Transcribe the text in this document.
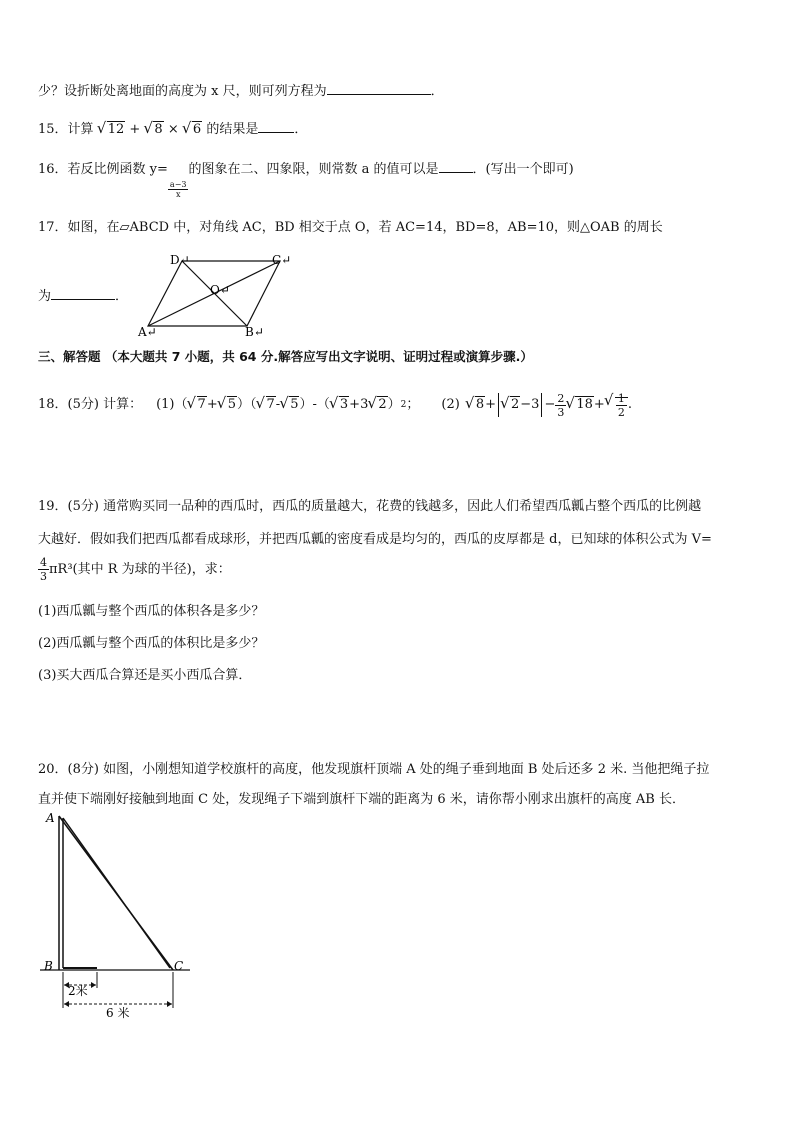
少？设折断处离地面的高度为 x 尺，则可列方程为	．
15．计算 √ 12 + √ 8 × √ 6 的结果是	．
16．若反比例函数 y=
$\frac{a-3}{x}$
的图象在二、四象限，则常数 a 的值可以是	．(写出一个即可)
17．如图，在▱ABCD 中，对角线 AC，BD 相交于点 O，若 AC=14，BD=8，AB=10，则△OAB 的周长
为	．
D↵	C↵
O↵
A↵	B↵
三、解答题 （本大题共 7 小题，共 64 分.解答应写出文字说明、证明过程或演算步骤.）
18．(5分) 计算： (1) （ √ 7 + √ 5 ）（ √ 7 - √ 5 ）-（ √ 3 +3 √ 2 ） 2 ； (2)	√ 8 +	√ $2-3 - \frac{2}{3}$ √ 18 + √ $\frac{1}{2}$ .
19．(5分) 通常购买同一品种的西瓜时，西瓜的质量越大，花费的钱越多，因此人们希望西瓜瓤占整个西瓜的比例越
大越好．假如我们把西瓜都看成球形，并把西瓜瓤的密度看成是均匀的，西瓜的皮厚都是 d，已知球的体积公式为 V=
$\frac{4}{3} \pi R^3$(其中 R 为球的半径)，求：
(1)西瓜瓤与整个西瓜的体积各是多少？
(2)西瓜瓤与整个西瓜的体积比是多少？
(3)买大西瓜合算还是买小西瓜合算．
20．(8分) 如图，小刚想知道学校旗杆的高度，他发现旗杆顶端 A 处的绳子垂到地面 B 处后还多 2 米. 当他把绳子拉
直并使下端刚好接触到地面 C 处，发现绳子下端到旗杆下端的距离为 6 米，请你帮小刚求出旗杆的高度 AB 长．
2米
6 米
A
B	C
